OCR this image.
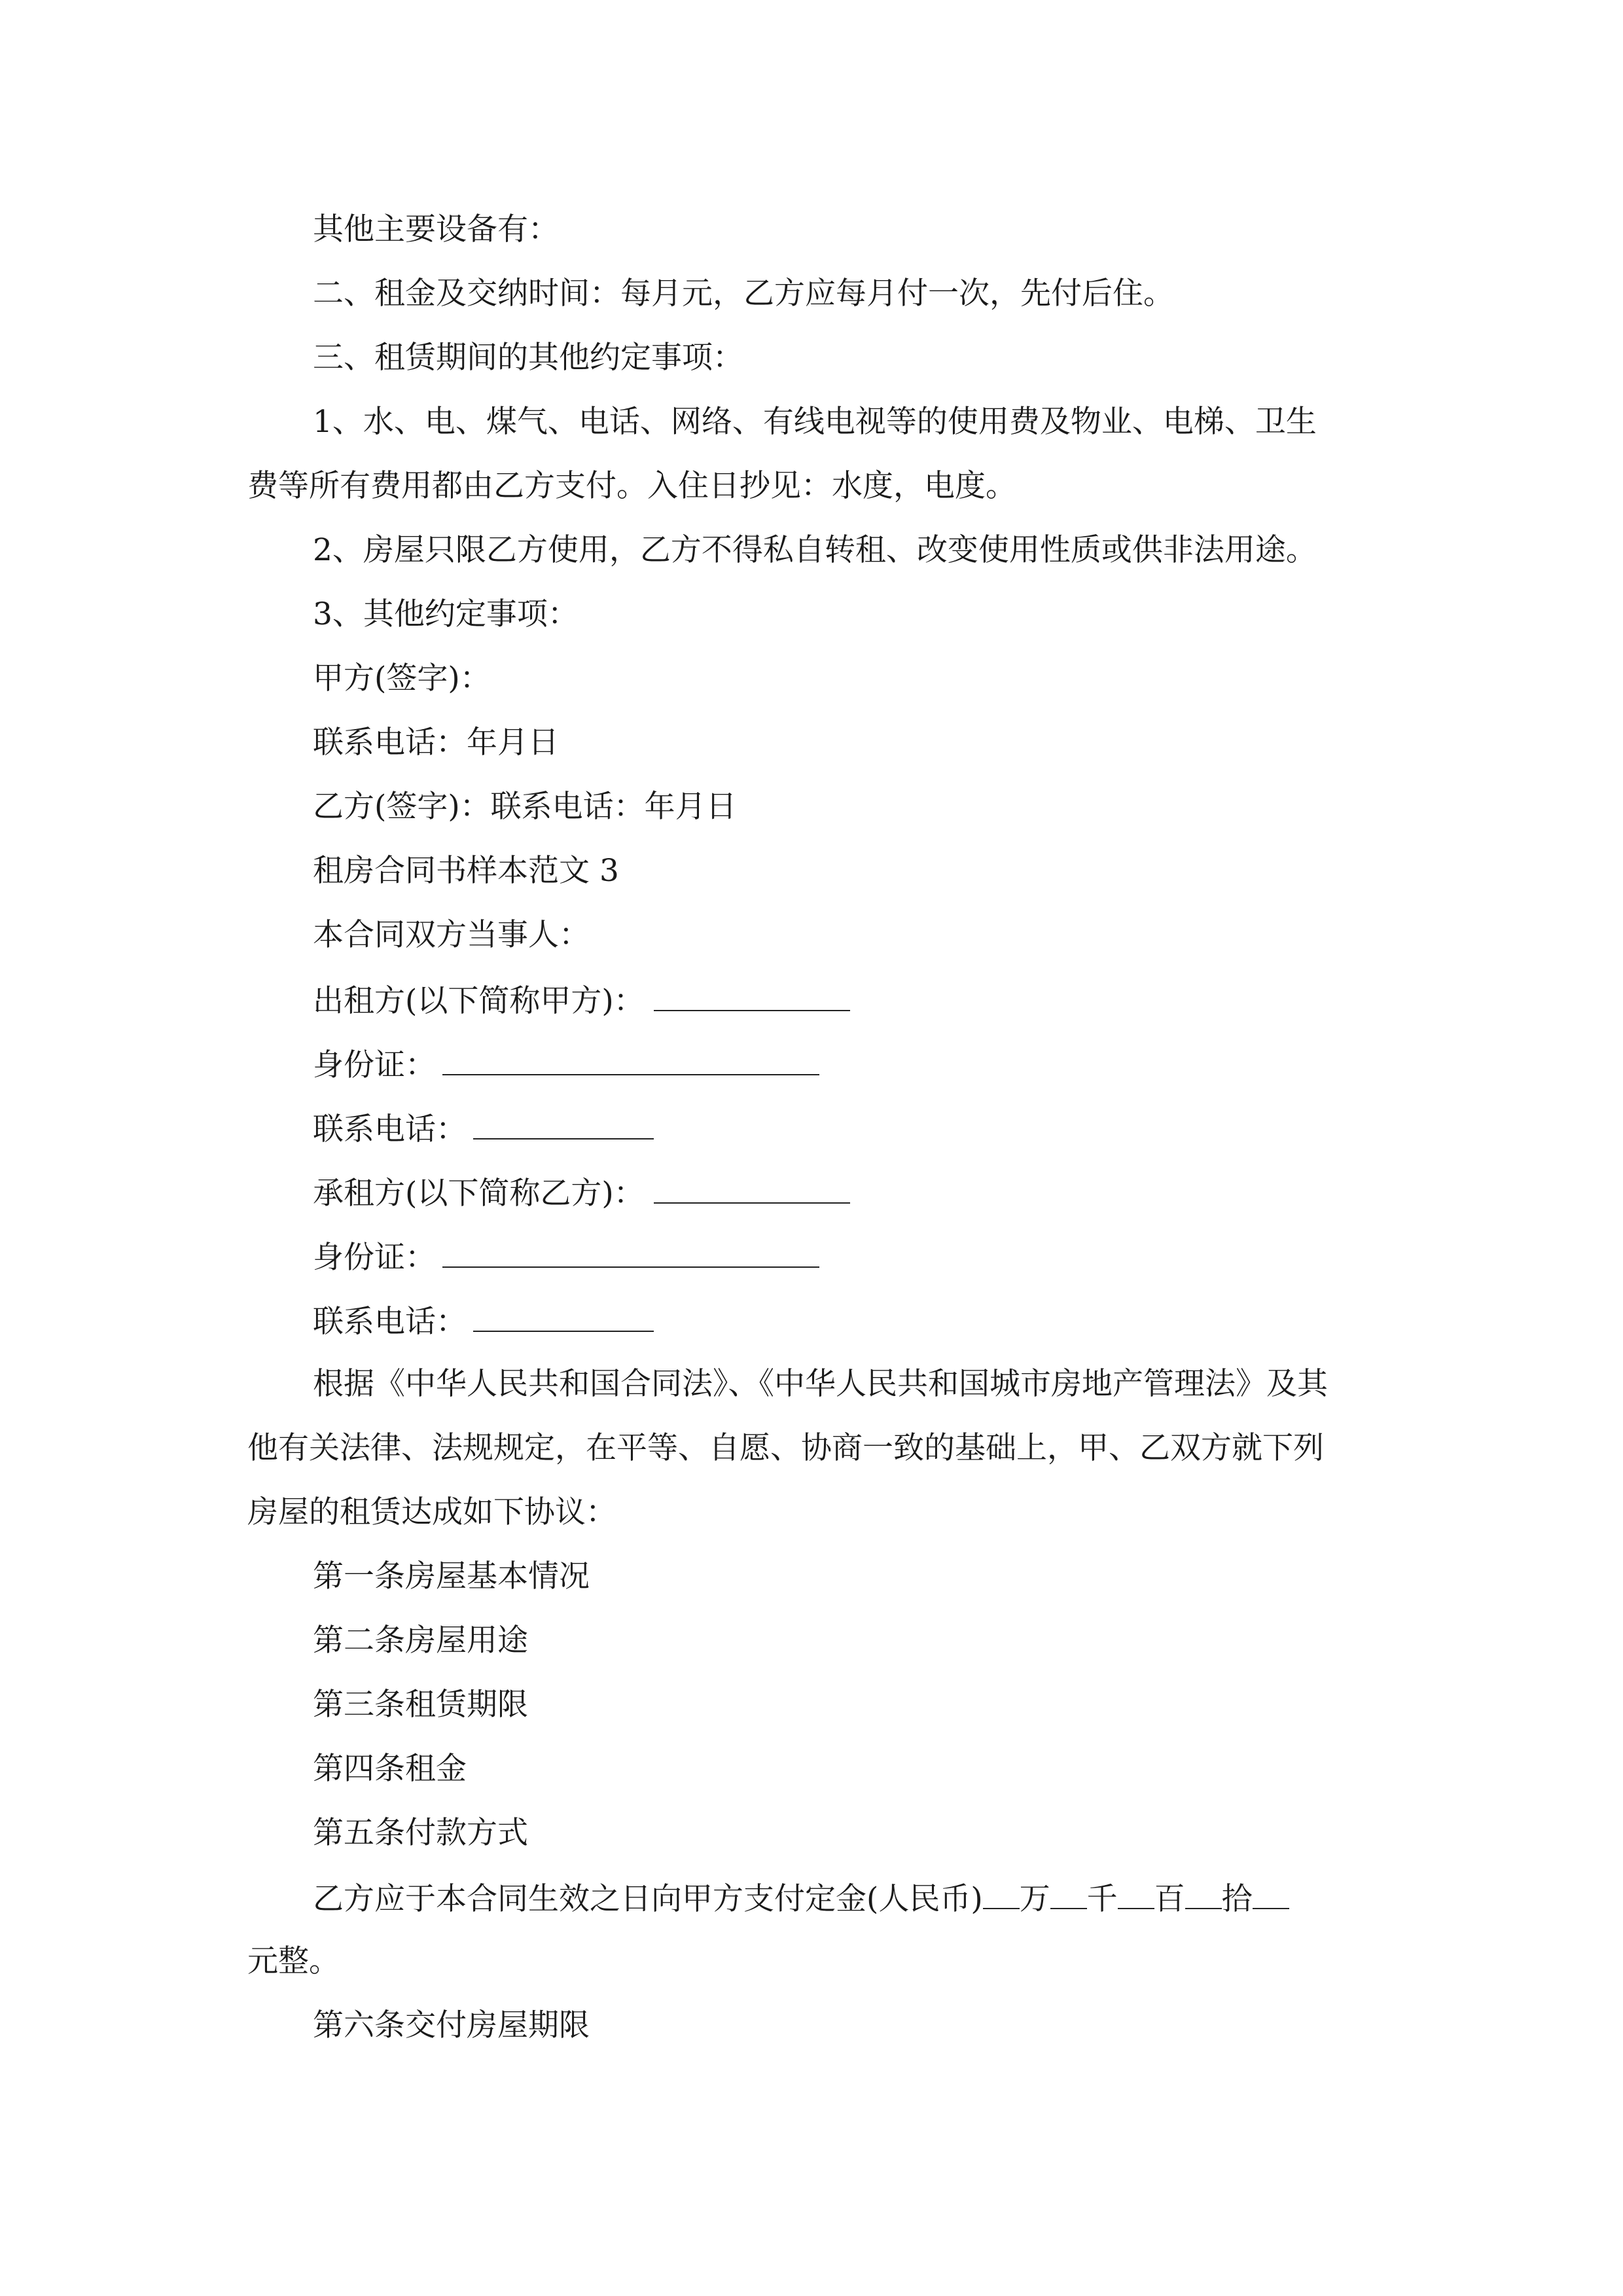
其他主要设备有：
二、租金及交纳时间：每月元，乙方应每月付一次，先付后住。
三、租赁期间的其他约定事项：
1、水、电、煤气、电话、网络、有线电视等的使用费及物业、电梯、卫生
费等所有费用都由乙方支付。入住日抄见：水度，电度。
2、房屋只限乙方使用，乙方不得私自转租、改变使用性质或供非法用途。
3、其他约定事项：
甲方(签字)：
联系电话：年月日
乙方(签字)：联系电话：年月日
租房合同书样本范文 3
本合同双方当事人：
出租方(以下简称甲方)：
身份证：
联系电话：
承租方(以下简称乙方)：
身份证：
联系电话：
根据《中华人民共和国合同法》、《中华人民共和国城市房地产管理法》及其
他有关法律、法规规定，在平等、自愿、协商一致的基础上，甲、乙双方就下列
房屋的租赁达成如下协议：
第一条房屋基本情况
第二条房屋用途
第三条租赁期限
第四条租金
第五条付款方式
乙方应于本合同生效之日向甲方支付定金(人民币) 万 千 百 拾
元整。
第六条交付房屋期限
